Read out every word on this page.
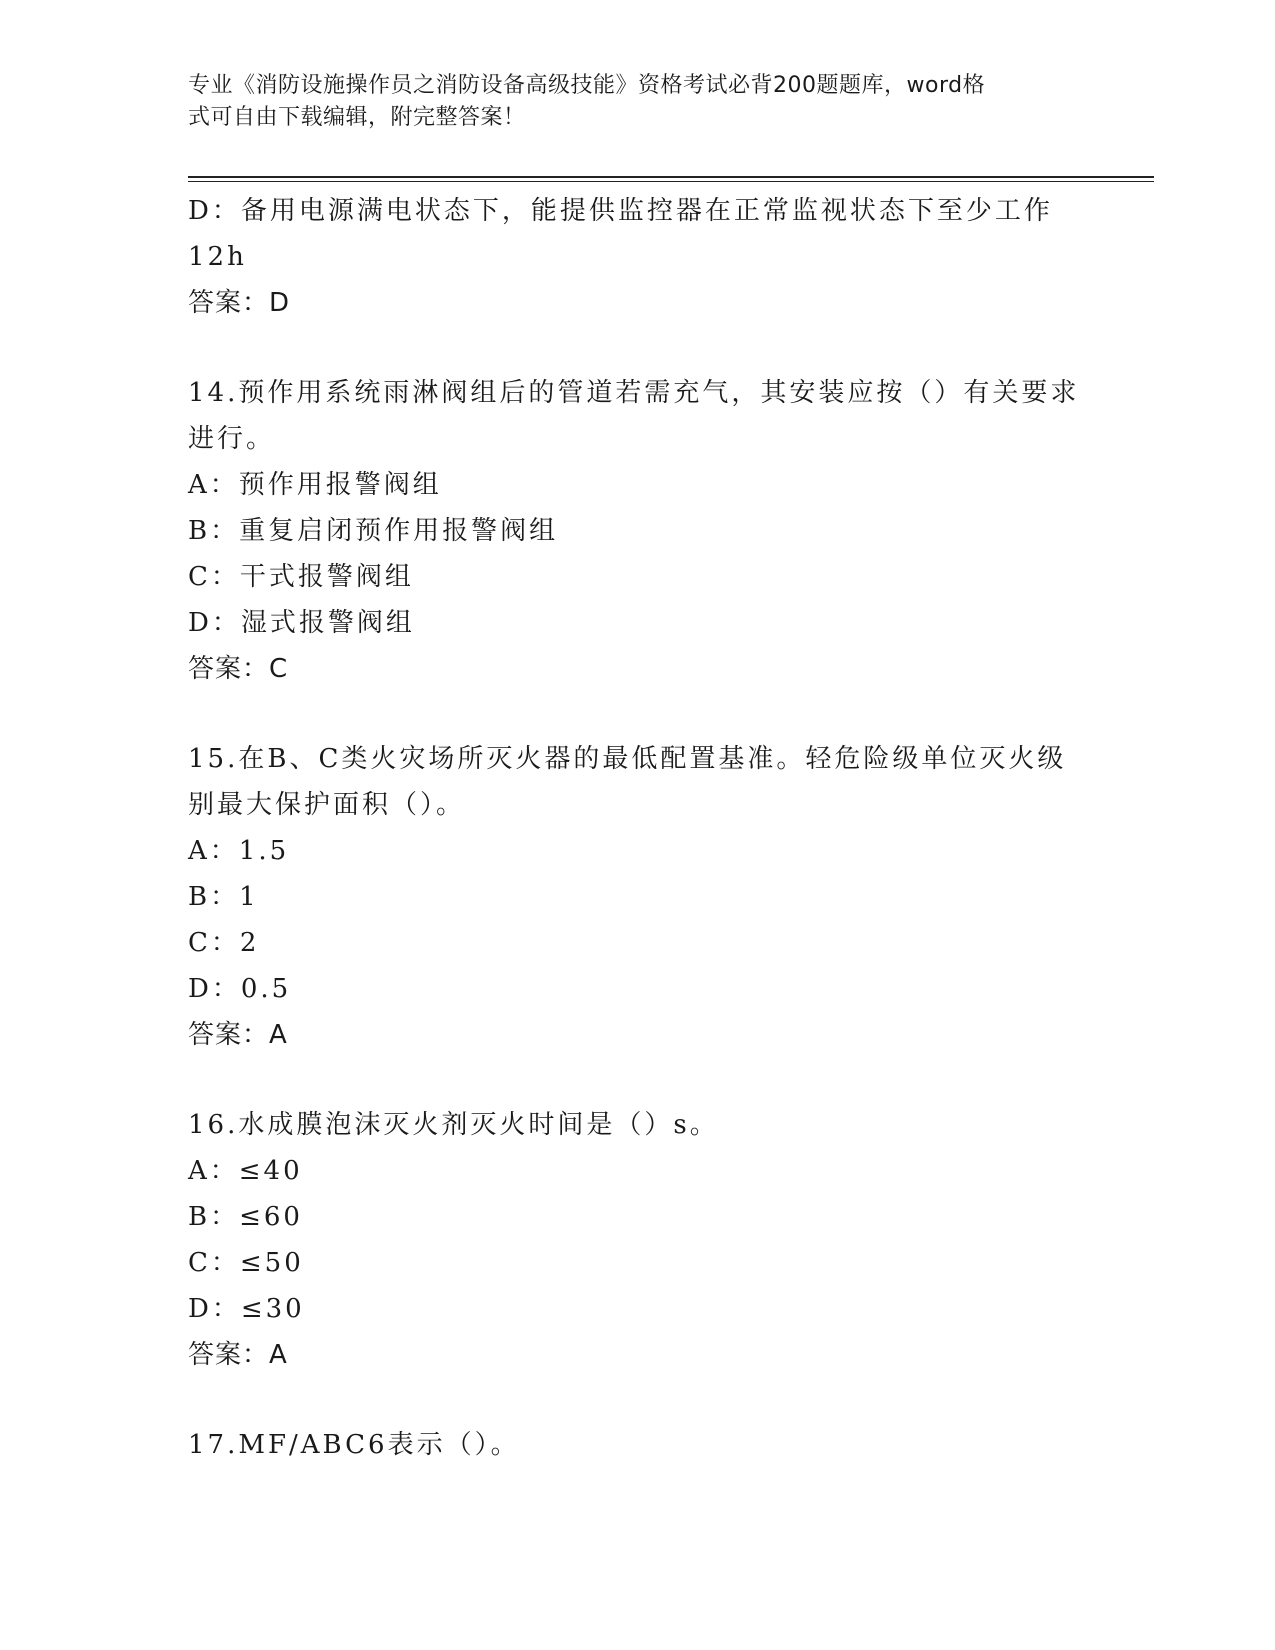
专业《消防设施操作员之消防设备高级技能》资格考试必背200题题库，word格
式可自由下载编辑，附完整答案！
D：备用电源满电状态下，能提供监控器在正常监视状态下至少工作
12h
答案：D
14.预作用系统雨淋阀组后的管道若需充气，其安装应按（）有关要求
进行。
A：预作用报警阀组
B：重复启闭预作用报警阀组
C：干式报警阀组
D：湿式报警阀组
答案：C
15.在B、C类火灾场所灭火器的最低配置基准。轻危险级单位灭火级
别最大保护面积（）。
A：1.5
B：1
C：2
D：0.5
答案：A
16.水成膜泡沫灭火剂灭火时间是（）s。
A：≤40
B：≤60
C：≤50
D：≤30
答案：A
17.MF/ABC6表示（）。
